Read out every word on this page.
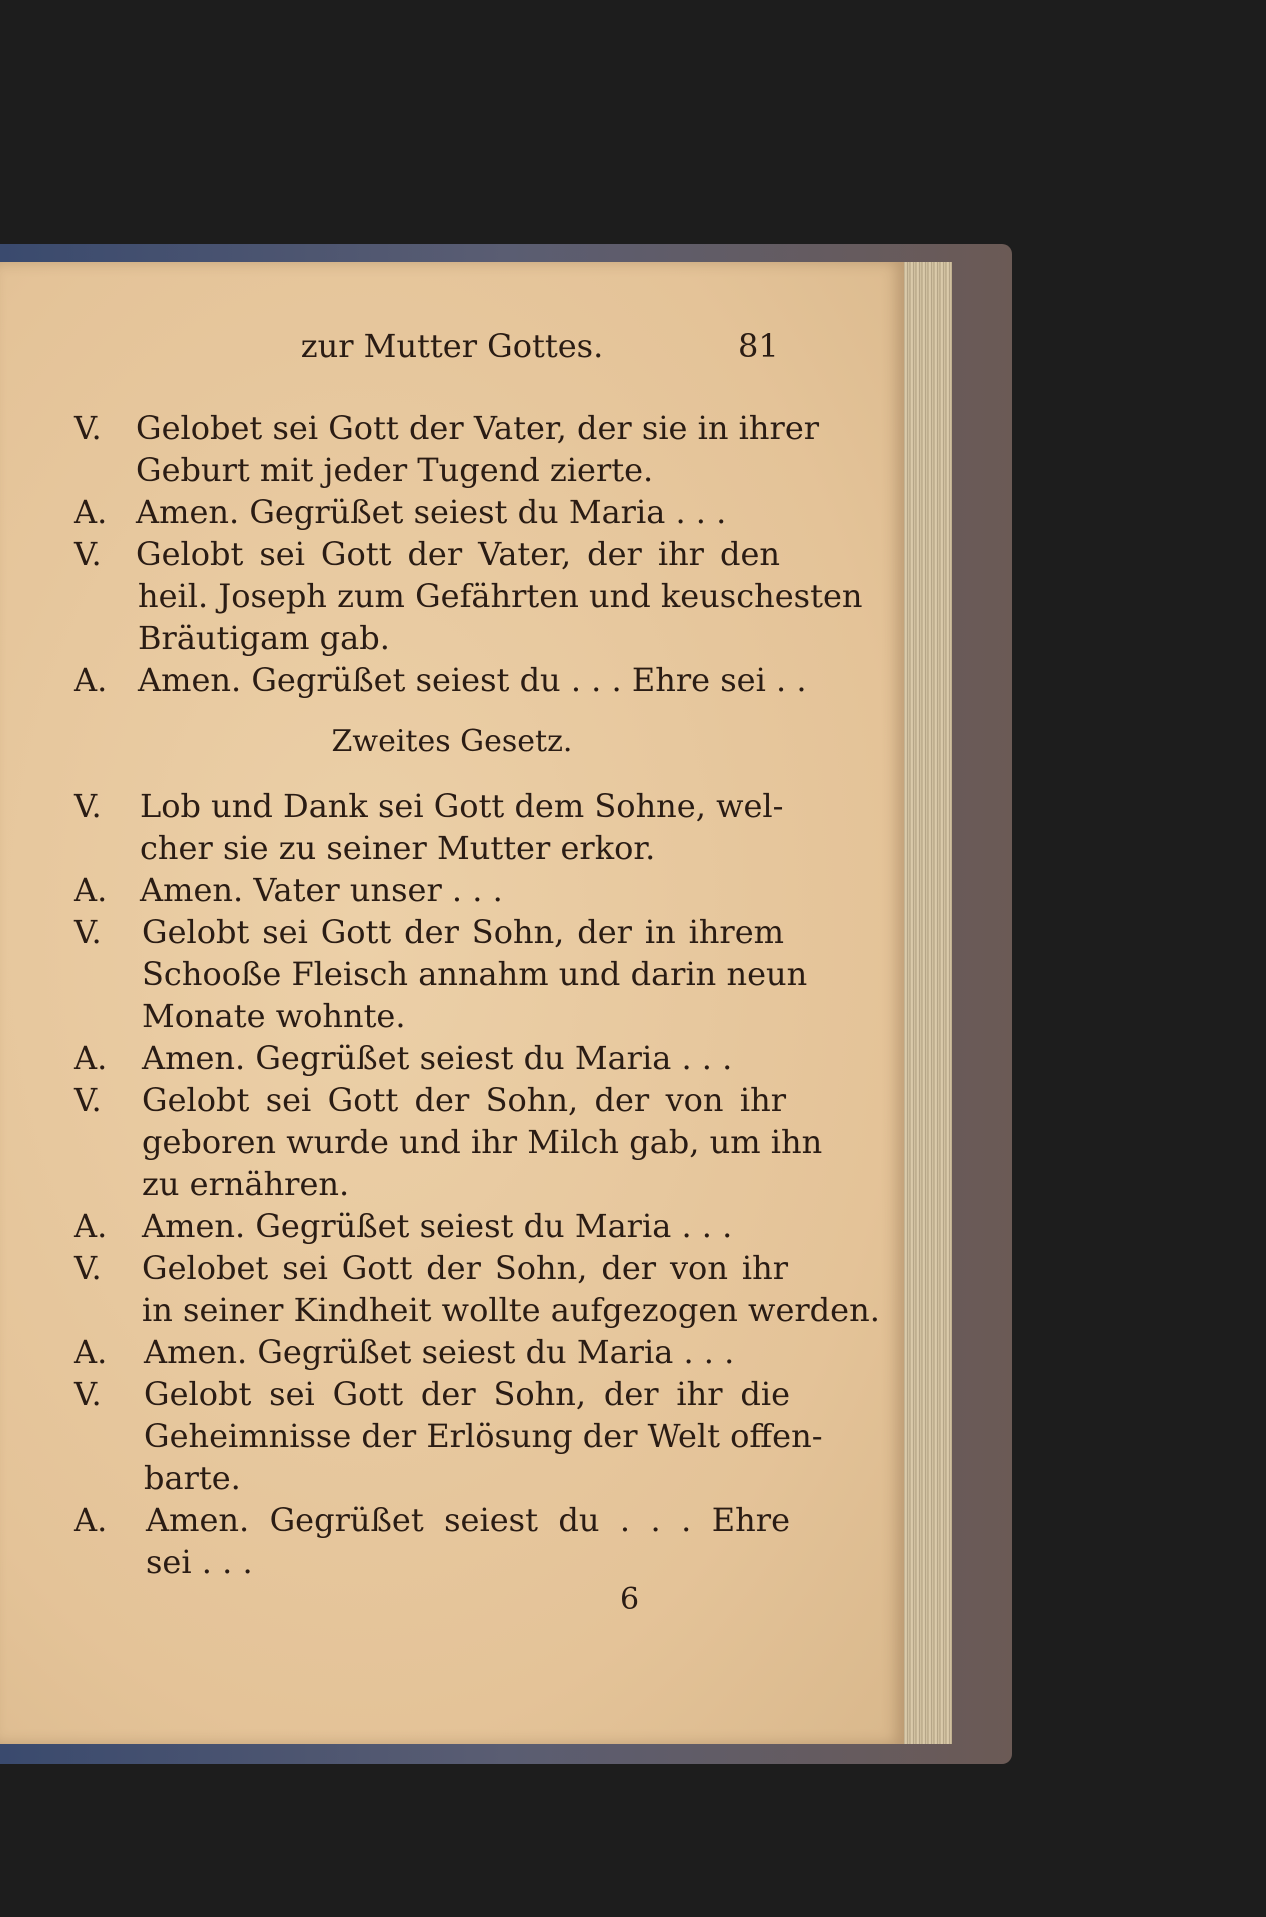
zur Mutter Gottes.	81
Zweites Gesetz.
V.	Gelobet sei Gott der Vater, der sie in ihrer
Geburt mit jeder Tugend zierte.
A. Amen. Gegrüßet seiest du Maria . . .
V.	Gelobt sei Gott der Vater, der ihr den
heil. Joseph zum Gefährten und keuschesten
Bräutigam gab.
A. Amen. Gegrüßet seiest du . . . Ehre sei . .
V.	Lob und Dank sei Gott dem Sohne, wel-
cher sie zu seiner Mutter erkor.
A.	Amen. Vater unser . . .
V.	Gelobt sei Gott der Sohn, der in ihrem
Schooße Fleisch annahm und darin neun
Monate wohnte.
A.	Amen. Gegrüßet seiest du Maria . . .
V.	Gelobt sei Gott der Sohn, der von ihr
geboren wurde und ihr Milch gab, um ihn
zu ernähren.
A.	Amen. Gegrüßet seiest du Maria . . .
V.	Gelobet sei Gott der Sohn, der von ihr
in seiner Kindheit wollte aufgezogen werden.
A.	Amen. Gegrüßet seiest du Maria . . .
V.	Gelobt sei Gott der Sohn, der ihr die
Geheimnisse der Erlösung der Welt offen-
barte.
A.	Amen. Gegrüßet seiest du . . . Ehre
sei . . .
6
